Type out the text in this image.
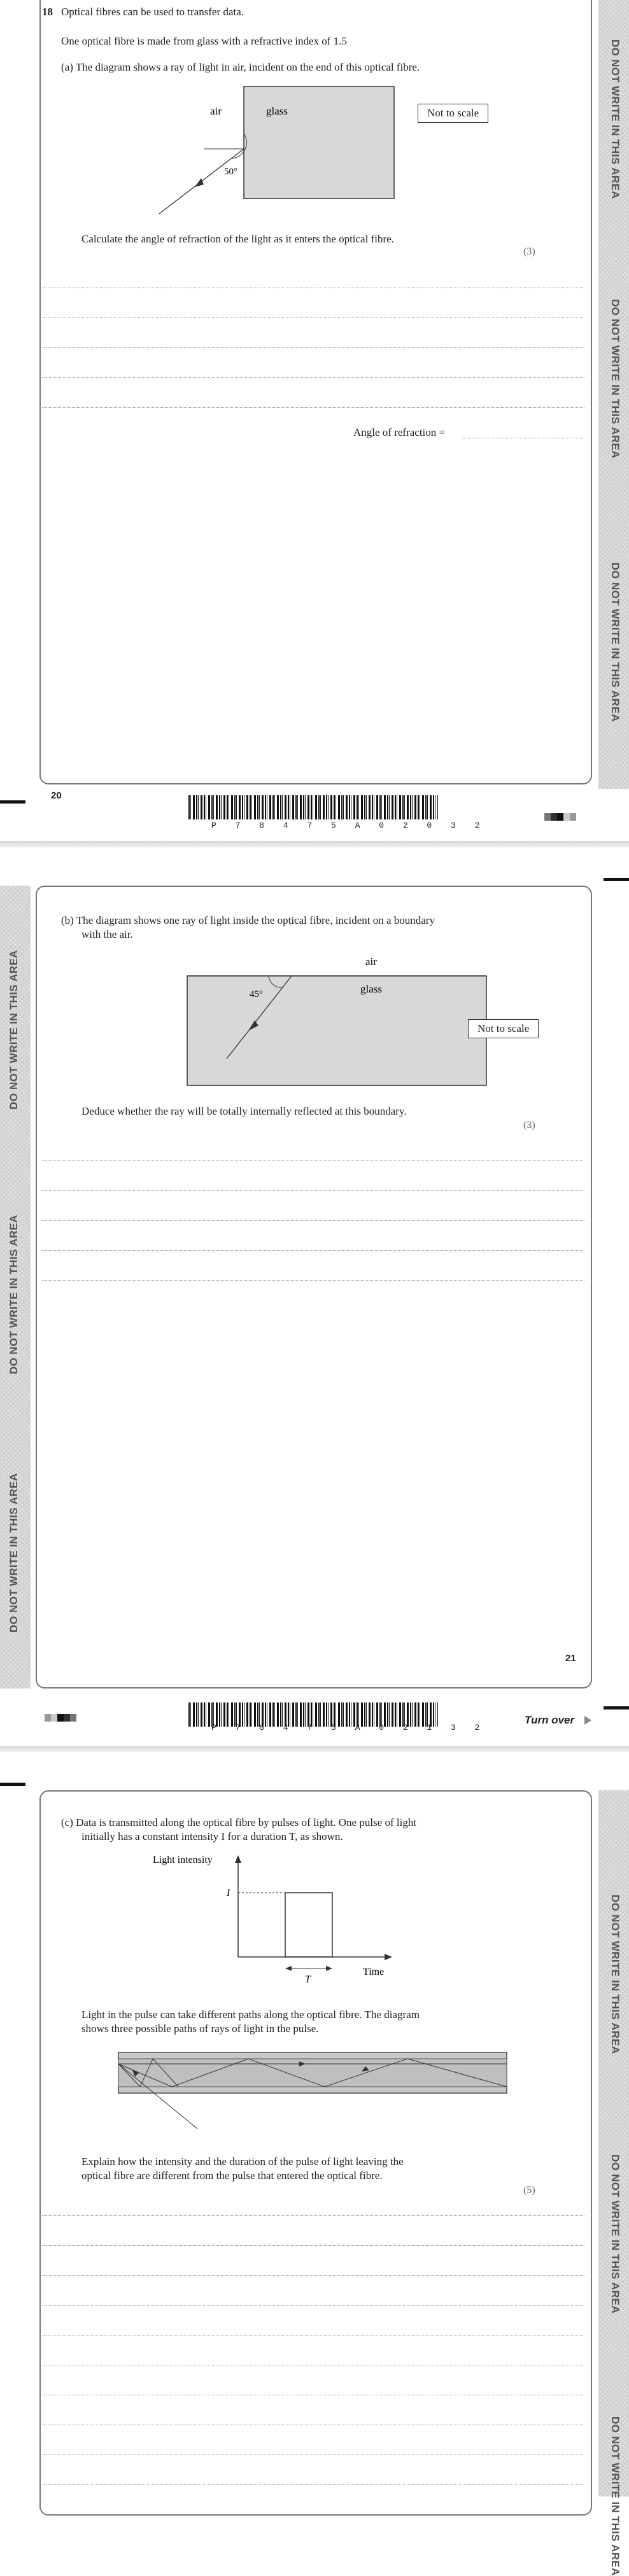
DO NOT WRITE IN THIS AREA
DO NOT WRITE IN THIS AREA
DO NOT WRITE IN THIS AREA
18 Optical fibres can be used to transfer data.
One optical fibre is made from glass with a refractive index of 1.5
(a) The diagram shows a ray of light in air, incident on the end of this optical fibre.
air	glass
50°
Not to scale
Calculate the angle of refraction of the light as it enters the optical fibre.
(3)
Angle of refraction =
20
P 7 8 4 7 5 A 0 2 0 3 2
DO NOT WRITE IN THIS AREA
DO NOT WRITE IN THIS AREA
DO NOT WRITE IN THIS AREA
(b) The diagram shows one ray of light inside the optical fibre, incident on a boundary
with the air.
air
glass
45°
Not to scale
Deduce whether the ray will be totally internally reflected at this boundary.
(3)
21
P 7 8 4 7 5 A 0 2 1 3 2
Turn over
DO NOT WRITE IN THIS AREA
DO NOT WRITE IN THIS AREA
DO NOT WRITE IN THIS AREA
(c) Data is transmitted along the optical fibre by pulses of light. One pulse of light
initially has a constant intensity I for a duration T, as shown.
Light intensity
I
T
Time
Light in the pulse can take different paths along the optical fibre. The diagram
shows three possible paths of rays of light in the pulse.
Explain how the intensity and the duration of the pulse of light leaving the
optical fibre are different from the pulse that entered the optical fibre.
(5)
